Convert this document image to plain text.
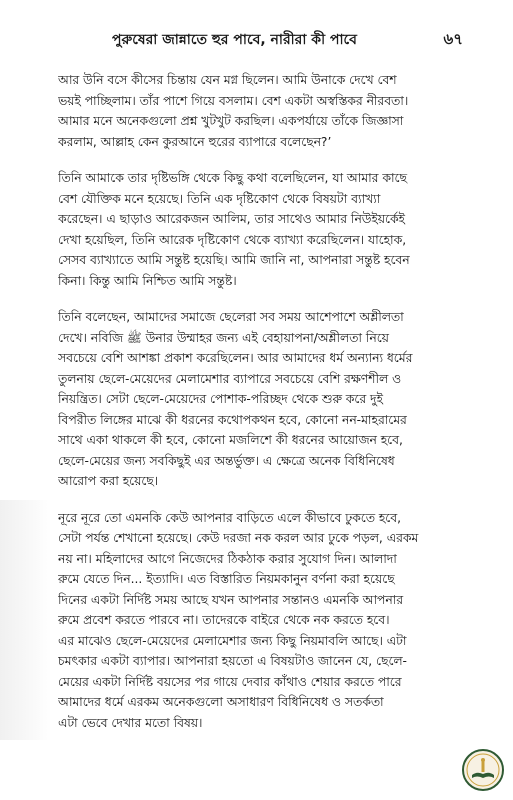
পুরুষেরা জান্নাতে হুর পাবে, নারীরা কী পাবে	৬৭

আর উনি বসে কীসের চিন্তায় যেন মগ্ন ছিলেন। আমি উনাকে দেখে বেশ
ভয়ই পাচ্ছিলাম। তাঁর পাশে গিয়ে বসলাম। বেশ একটা অস্বস্তিকর নীরবতা।
আমার মনে অনেকগুলো প্রশ্ন খুটখুট করছিল। একপর্যায়ে তাঁকে জিজ্ঞাসা
করলাম, আল্লাহ কেন কুরআনে হুরের ব্যাপারে বলেছেন?’

তিনি আমাকে তার দৃষ্টিভঙ্গি থেকে কিছু কথা বলেছিলেন, যা আমার কাছে
বেশ যৌক্তিক মনে হয়েছে। তিনি এক দৃষ্টিকোণ থেকে বিষয়টা ব্যাখ্যা
করেছেন। এ ছাড়াও আরেকজন আলিম, তার সাথেও আমার নিউইয়র্কেই
দেখা হয়েছিল, তিনি আরেক দৃষ্টিকোণ থেকে ব্যাখ্যা করেছিলেন। যাহোক,
সেসব ব্যাখ্যাতে আমি সন্তুষ্ট হয়েছি। আমি জানি না, আপনারা সন্তুষ্ট হবেন
কিনা। কিন্তু আমি নিশ্চিত আমি সন্তুষ্ট।

তিনি বলেছেন, আমাদের সমাজে ছেলেরা সব সময় আশেপাশে অশ্লীলতা
দেখে। নবিজি ﷺ উনার উম্মাহর জন্য এই বেহায়াপনা/অশ্লীলতা নিয়ে
সবচেয়ে বেশি আশঙ্কা প্রকাশ করেছিলেন। আর আমাদের ধর্ম অন্যান্য ধর্মের
তুলনায় ছেলে-মেয়েদের মেলামেশার ব্যাপারে সবচেয়ে বেশি রক্ষণশীল ও
নিয়ন্ত্রিত। সেটা ছেলে-মেয়েদের পোশাক-পরিচ্ছদ থেকে শুরু করে দুই
বিপরীত লিঙ্গের মাঝে কী ধরনের কথোপকথন হবে, কোনো নন-মাহরামের
সাথে একা থাকলে কী হবে, কোনো মজলিশে কী ধরনের আয়োজন হবে,
ছেলে-মেয়ের জন্য সবকিছুই এর অন্তর্ভুক্ত। এ ক্ষেত্রে অনেক বিধিনিষেধ
আরোপ করা হয়েছে।

নূরে নূরে তো এমনকি কেউ আপনার বাড়িতে এলে কীভাবে ঢুকতে হবে,
সেটা পর্যন্ত শেখানো হয়েছে। কেউ দরজা নক করল আর ঢুকে পড়ল, এরকম
নয় না। মহিলাদের আগে নিজেদের ঠিকঠাক করার সুযোগ দিন। আলাদা
রুমে যেতে দিন... ইত্যাদি। এত বিস্তারিত নিয়মকানুন বর্ণনা করা হয়েছে
দিনের একটা নির্দিষ্ট সময় আছে যখন আপনার সন্তানও এমনকি আপনার
রুমে প্রবেশ করতে পারবে না। তাদেরকে বাইরে থেকে নক করতে হবে।
এর মাঝেও ছেলে-মেয়েদের মেলামেশার জন্য কিছু নিয়মাবলি আছে। এটা
চমৎকার একটা ব্যাপার। আপনারা হয়তো এ বিষয়টাও জানেন যে, ছেলে-
মেয়ের একটা নির্দিষ্ট বয়সের পর গায়ে দেবার কাঁথাও শেয়ার করতে পারে
আমাদের ধর্মে এরকম অনেকগুলো অসাধারণ বিধিনিষেধ ও সতর্কতা
এটা ভেবে দেখার মতো বিষয়।
